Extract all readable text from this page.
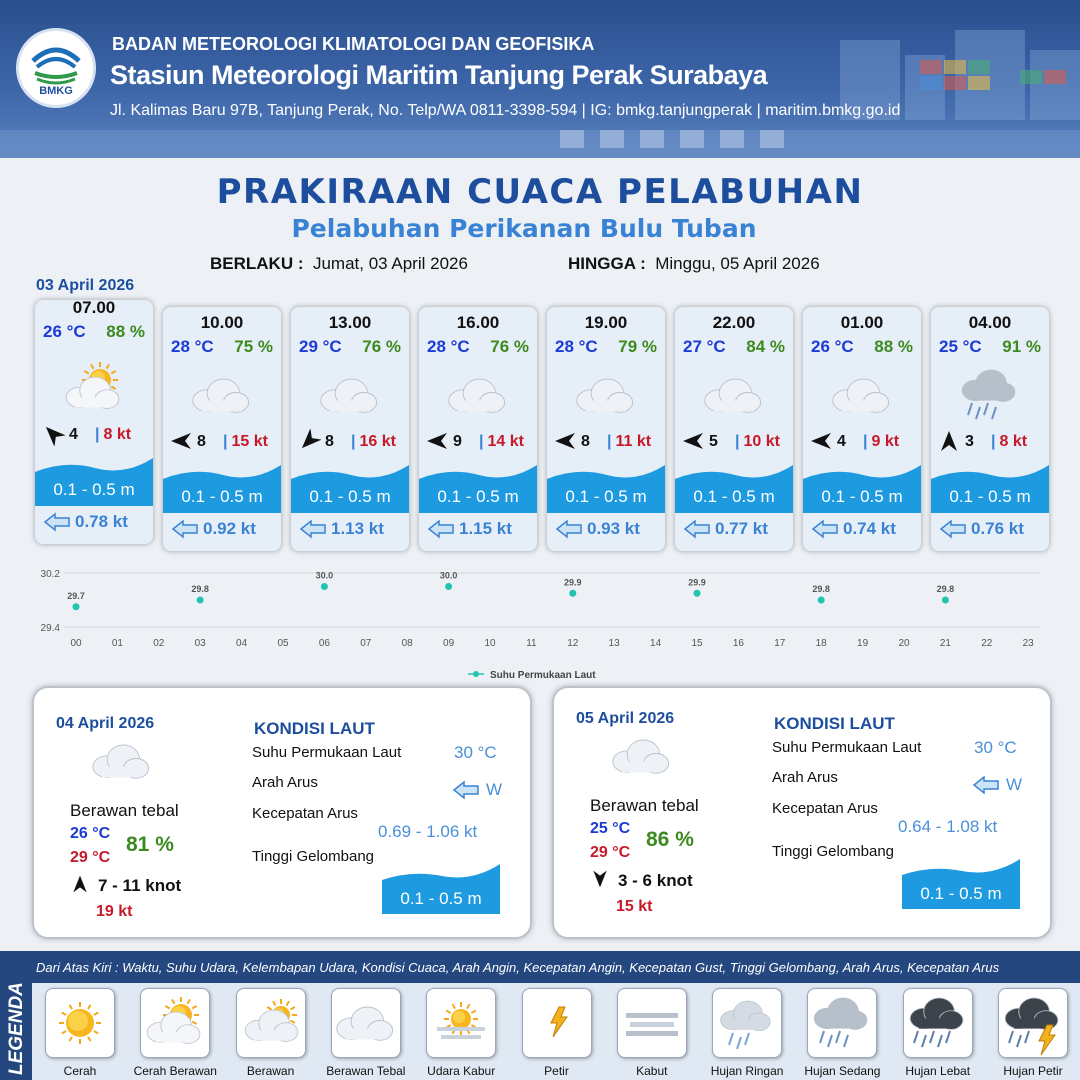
BMKG
BADAN METEOROLOGI KLIMATOLOGI DAN GEOFISIKA
Stasiun Meteorologi Maritim Tanjung Perak Surabaya
Jl. Kalimas Baru 97B, Tanjung Perak, No. Telp/WA 0811-3398-594 | IG: bmkg.tanjungperak | maritim.bmkg.go.id
PRAKIRAAN CUACA PELABUHAN
Pelabuhan Perikanan Bulu Tuban
BERLAKU : Jumat, 03 April 2026	HINGGA : Minggu, 05 April 2026
03 April 2026
07.00
26 °C 88 %
4 | 8 kt
0.1 - 0.5 m
0.78 kt
10.00
28 °C 75 %
8 | 15 kt
0.1 - 0.5 m
0.92 kt
13.00
29 °C 76 %
8 | 16 kt
0.1 - 0.5 m
1.13 kt
16.00
28 °C 76 %
9 | 14 kt
0.1 - 0.5 m
1.15 kt
19.00
28 °C 79 %
8 | 11 kt
0.1 - 0.5 m
0.93 kt
22.00
27 °C 84 %
5 | 10 kt
0.1 - 0.5 m
0.77 kt
01.00
26 °C 88 %
4 | 9 kt
0.1 - 0.5 m
0.74 kt
04.00
25 °C 91 %
3 | 8 kt
0.1 - 0.5 m
0.76 kt
30.2
29.4
00	01	02	03	04	05	06	07	08	09	10	11	12	13	14	15	16	17	18	19	20	21	22	23
29.7
29.8
30.0	30.0
29.9	29.9
29.8	29.8
Suhu Permukaan Laut
04 April 2026
Berawan tebal
26 °C
29 °C
81 %
7 - 11 knot
19 kt
KONDISI LAUT
Suhu Permukaan Laut	30 °C
Arah Arus	W
Kecepatan Arus
0.69 - 1.06 kt
Tinggi Gelombang
0.1 - 0.5 m
05 April 2026
Berawan tebal
25 °C
29 °C
86 %
3 - 6 knot
15 kt
KONDISI LAUT
Suhu Permukaan Laut	30 °C
Arah Arus	W
Kecepatan Arus
0.64 - 1.08 kt
Tinggi Gelombang
0.1 - 0.5 m
LEGENDA
Dari Atas Kiri : Waktu, Suhu Udara, Kelembapan Udara, Kondisi Cuaca, Arah Angin, Kecepatan Angin, Kecepatan Gust, Tinggi Gelombang, Arah Arus, Kecepatan Arus
Cerah	Cerah Berawan	Berawan	Berawan Tebal	Udara Kabur	Petir	Kabut	Hujan Ringan	Hujan Sedang	Hujan Lebat	Hujan Petir
